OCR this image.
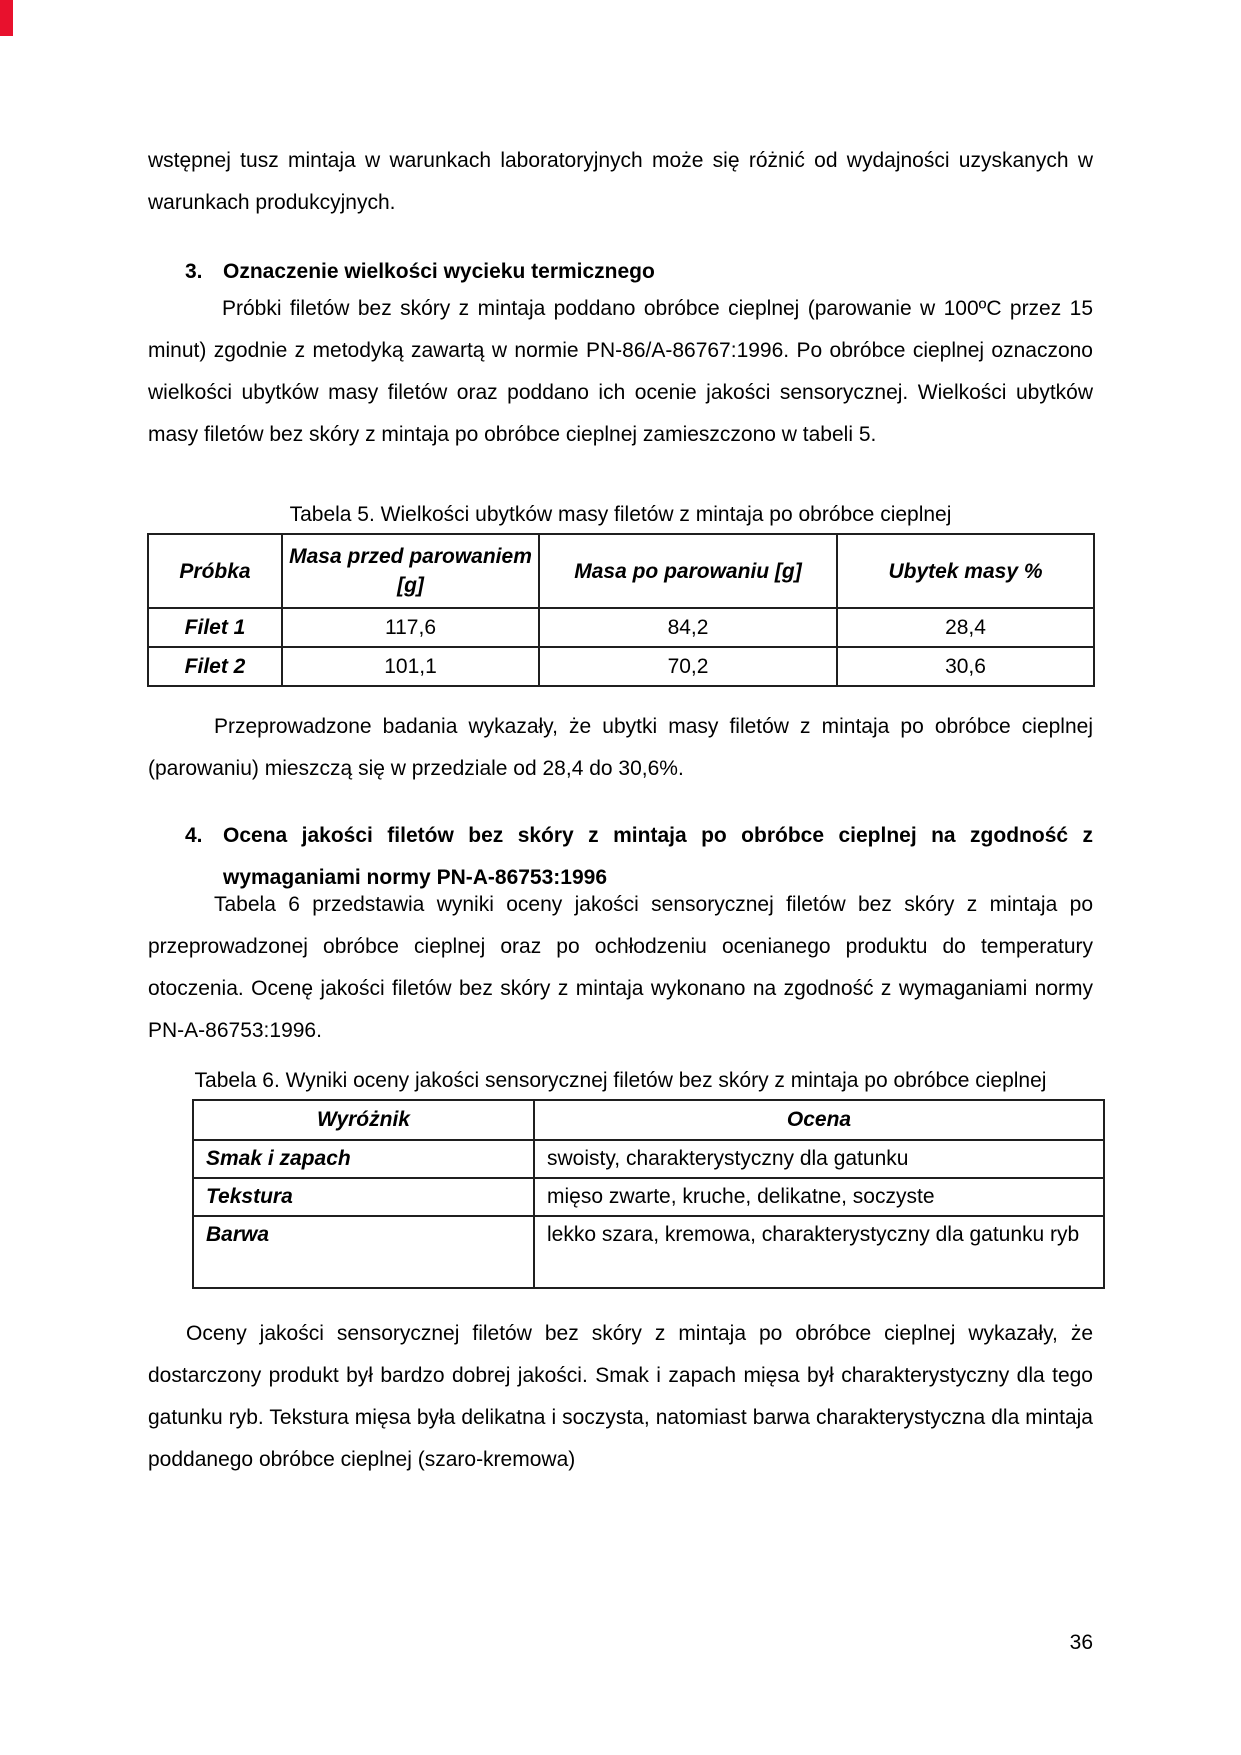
wstępnej tusz mintaja w warunkach laboratoryjnych może się różnić od wydajności uzyskanych w warunkach produkcyjnych.
3. Oznaczenie wielkości wycieku termicznego
Próbki filetów bez skóry z mintaja poddano obróbce cieplnej (parowanie w 100ºC przez 15 minut) zgodnie z metodyką zawartą w normie PN-86/A-86767:1996. Po obróbce cieplnej oznaczono wielkości ubytków masy filetów oraz poddano ich ocenie jakości sensorycznej. Wielkości ubytków masy filetów bez skóry z mintaja po obróbce cieplnej zamieszczono w tabeli 5.
Tabela 5. Wielkości ubytków masy filetów z mintaja po obróbce cieplnej
Próbka	Masa przed parowaniem [g]	Masa po parowaniu [g]	Ubytek masy %
Filet 1	117,6	84,2	28,4
Filet 2	101,1	70,2	30,6
Przeprowadzone badania wykazały, że ubytki masy filetów z mintaja po obróbce cieplnej (parowaniu) mieszczą się w przedziale od 28,4 do 30,6%.
4. Ocena jakości filetów bez skóry z mintaja po obróbce cieplnej na zgodność z wymaganiami normy PN-A-86753:1996
Tabela 6 przedstawia wyniki oceny jakości sensorycznej filetów bez skóry z mintaja po przeprowadzonej obróbce cieplnej oraz po ochłodzeniu ocenianego produktu do temperatury otoczenia. Ocenę jakości filetów bez skóry z mintaja wykonano na zgodność z wymaganiami normy PN-A-86753:1996.
Tabela 6. Wyniki oceny jakości sensorycznej filetów bez skóry z mintaja po obróbce cieplnej
Wyróżnik	Ocena
Smak i zapach	swoisty, charakterystyczny dla gatunku
Tekstura	mięso zwarte, kruche, delikatne, soczyste
Barwa	lekko szara, kremowa, charakterystyczny dla gatunku ryb
Oceny jakości sensorycznej filetów bez skóry z mintaja po obróbce cieplnej wykazały, że dostarczony produkt był bardzo dobrej jakości. Smak i zapach mięsa był charakterystyczny dla tego gatunku ryb. Tekstura mięsa była delikatna i soczysta, natomiast barwa charakterystyczna dla mintaja poddanego obróbce cieplnej (szaro-kremowa)
36
